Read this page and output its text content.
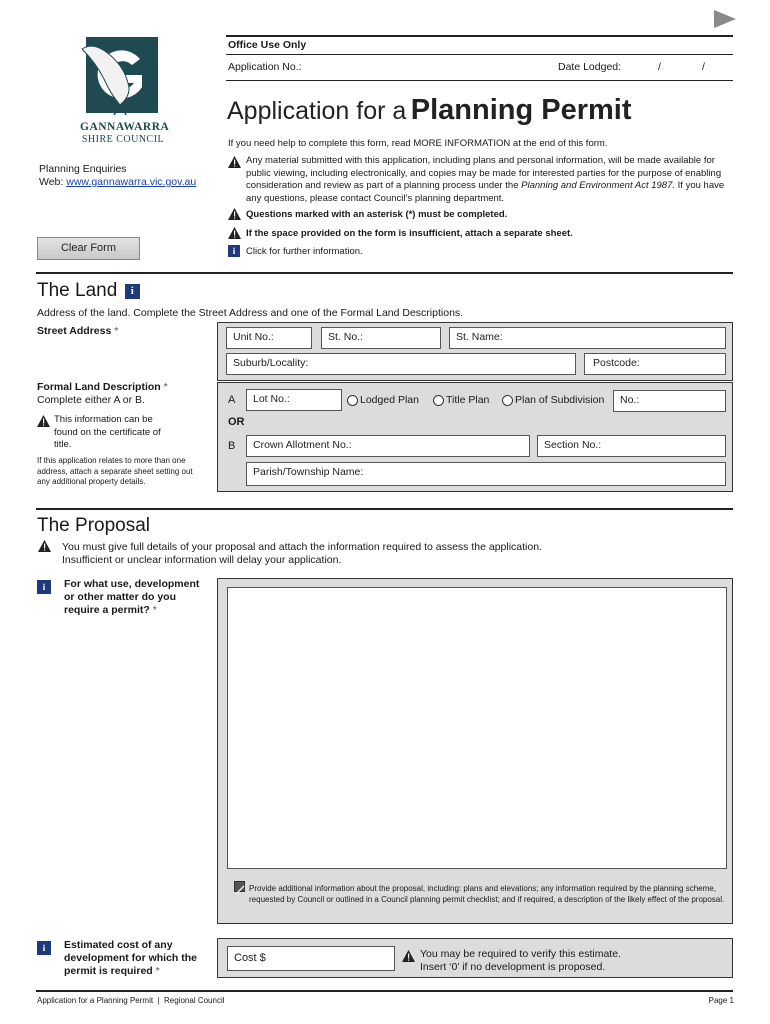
GANNAWARRA
SHIRE COUNCIL
Office Use Only
Application No.:	Date Lodged:	/	/
Application for a Planning Permit
If you need help to complete this form, read MORE INFORMATION at the end of this form.
Planning Enquiries
Web: www.gannawarra.vic.gov.au
Any material submitted with this application, including plans and personal information, will be made available for public viewing, including electronically, and copies may be made for interested parties for the purpose of enabling consideration and review as part of a planning process under the Planning and Environment Act 1987. If you have any questions, please contact Council’s planning department.
Questions marked with an asterisk (*) must be completed.
If the space provided on the form is insufficient, attach a separate sheet.
i	Click for further information.
Clear Form
The Land i
Address of the land. Complete the Street Address and one of the Formal Land Descriptions.
Street Address *	Unit No.:	St. No.:	St. Name:
Suburb/Locality:	Postcode:
Formal Land Description *
Complete either A or B.
This information can be found on the certificate of title.
If this application relates to more than one address, attach a separate sheet setting out any additional property details.
A	Lot No.:	Lodged Plan	Title Plan	Plan of Subdivision	No.:
OR
B	Crown Allotment No.:	Section No.:
Parish/Township Name:
The Proposal
You must give full details of your proposal and attach the information required to assess the application.
Insufficient or unclear information will delay your application.
i	For what use, development or other matter do you require a permit? *
Provide additional information about the proposal, including: plans and elevations; any information required by the planning scheme, requested by Council or outlined in a Council planning permit checklist; and if required, a description of the likely effect of the proposal.
i	Estimated cost of any development for which the permit is required *
Cost $	You may be required to verify this estimate.
Insert ‘0’ if no development is proposed.
Application for a Planning Permit  |  Regional Council	Page 1
